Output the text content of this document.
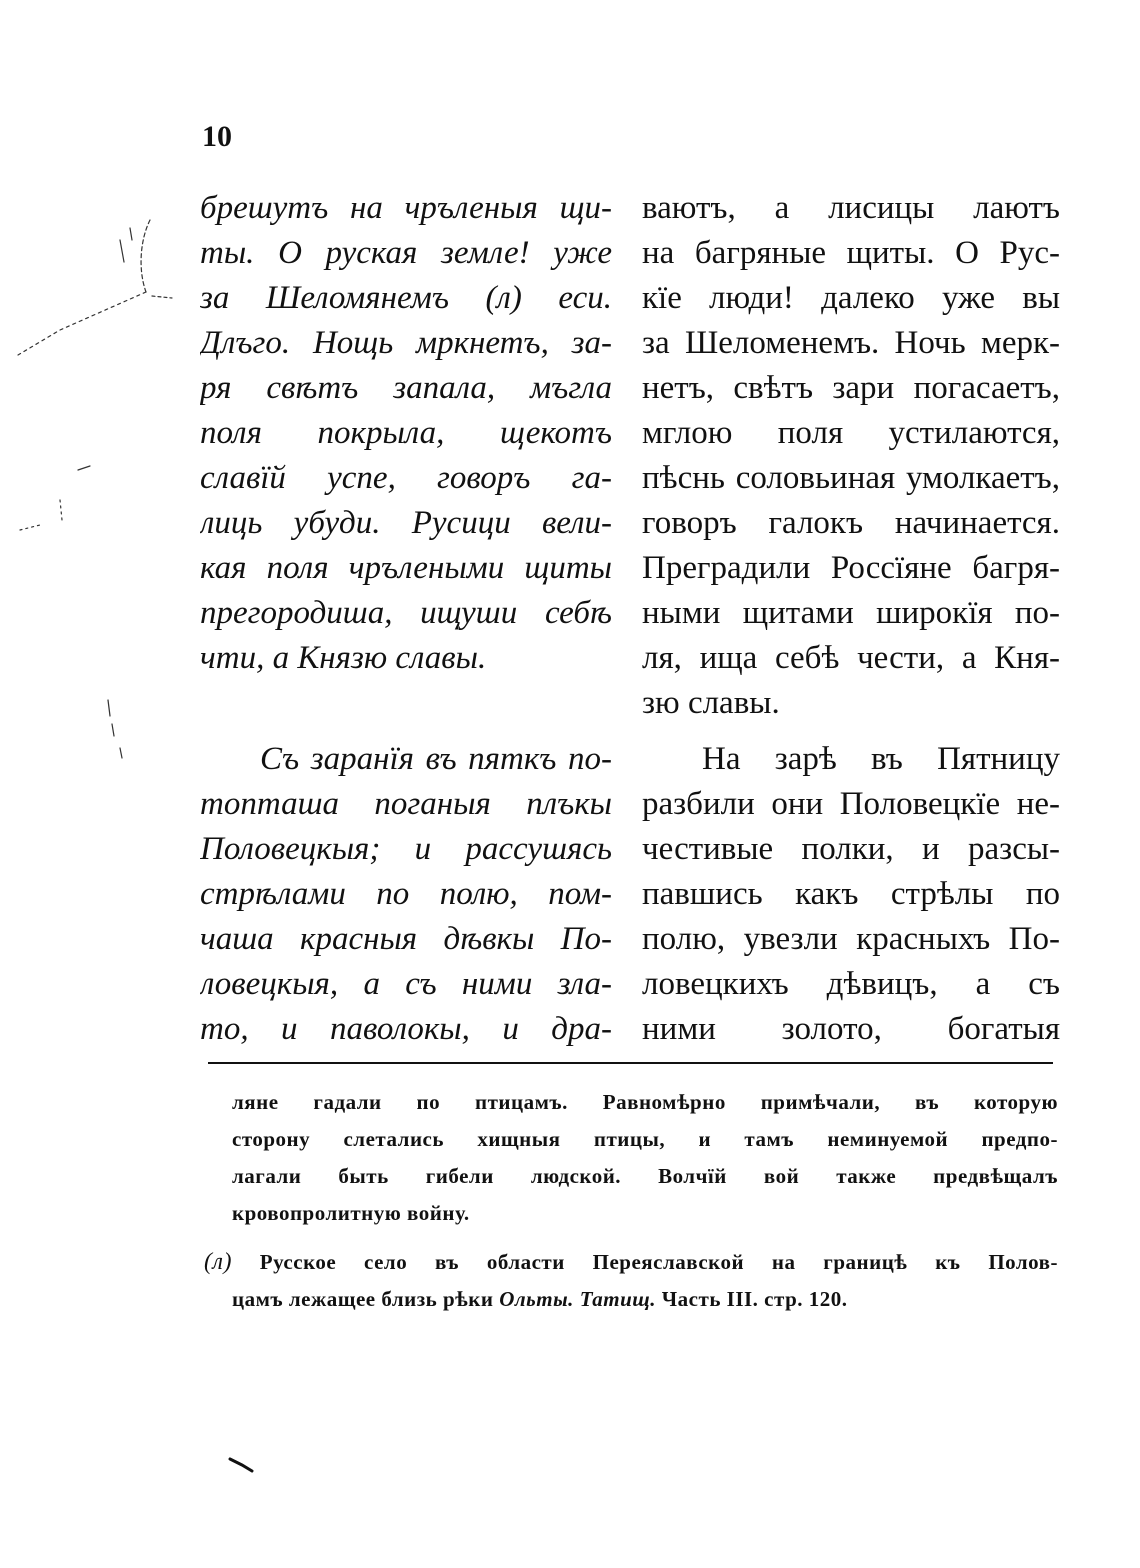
10
брешутъ на чръленыя щи-
ты. О руская земле! уже
за Шеломянемъ (л) еси.
Длъго. Нощь мркнетъ, за-
ря свѣтъ запала, мъгла
поля покрыла, щекотъ
славїй успе, говоръ га-
лиць убуди. Русици вели-
кая поля чрълеными щиты
прегородиша, ищуши себѣ
чти, а Князю славы.
Съ заранїя въ пяткъ по-
топташа поганыя плъкы
Половецкыя; и рассушясь
стрѣлами по полю, пом-
чаша красныя дѣвкы По-
ловецкыя, а съ ними зла-
то, и паволокы, и дра-
ваютъ, а лисицы лаютъ
на багряные щиты. О Рус-
кїе люди! далеко уже вы
за Шеломенемъ. Ночь мерк-
нетъ, свѣтъ зари погасаетъ,
мглою поля устилаются,
пѣснь соловьиная умолкаетъ,
говоръ галокъ начинается.
Преградили Россїяне багря-
ными щитами широкїя по-
ля, ища себѣ чести, а Кня-
зю славы.
На зарѣ въ Пятницу
разбили они Половецкїе не-
честивые полки, и разсы-
павшись какъ стрѣлы по
полю, увезли красныхъ По-
ловецкихъ дѣвицъ, а съ
ними золото, богатыя
ляне гадали по птицамъ. Равномѣрно примѣчали, въ которую
сторону слетались хищныя птицы, и тамъ неминуемой предпо-
лагали быть гибели людской. Волчїй вой также предвѣщалъ
кровопролитную войну.
(л) Русское село въ области Переяславской на границѣ къ Полов-
цамъ лежащее близь рѣки Ольты. Татищ. Часть III. стр. 120.
